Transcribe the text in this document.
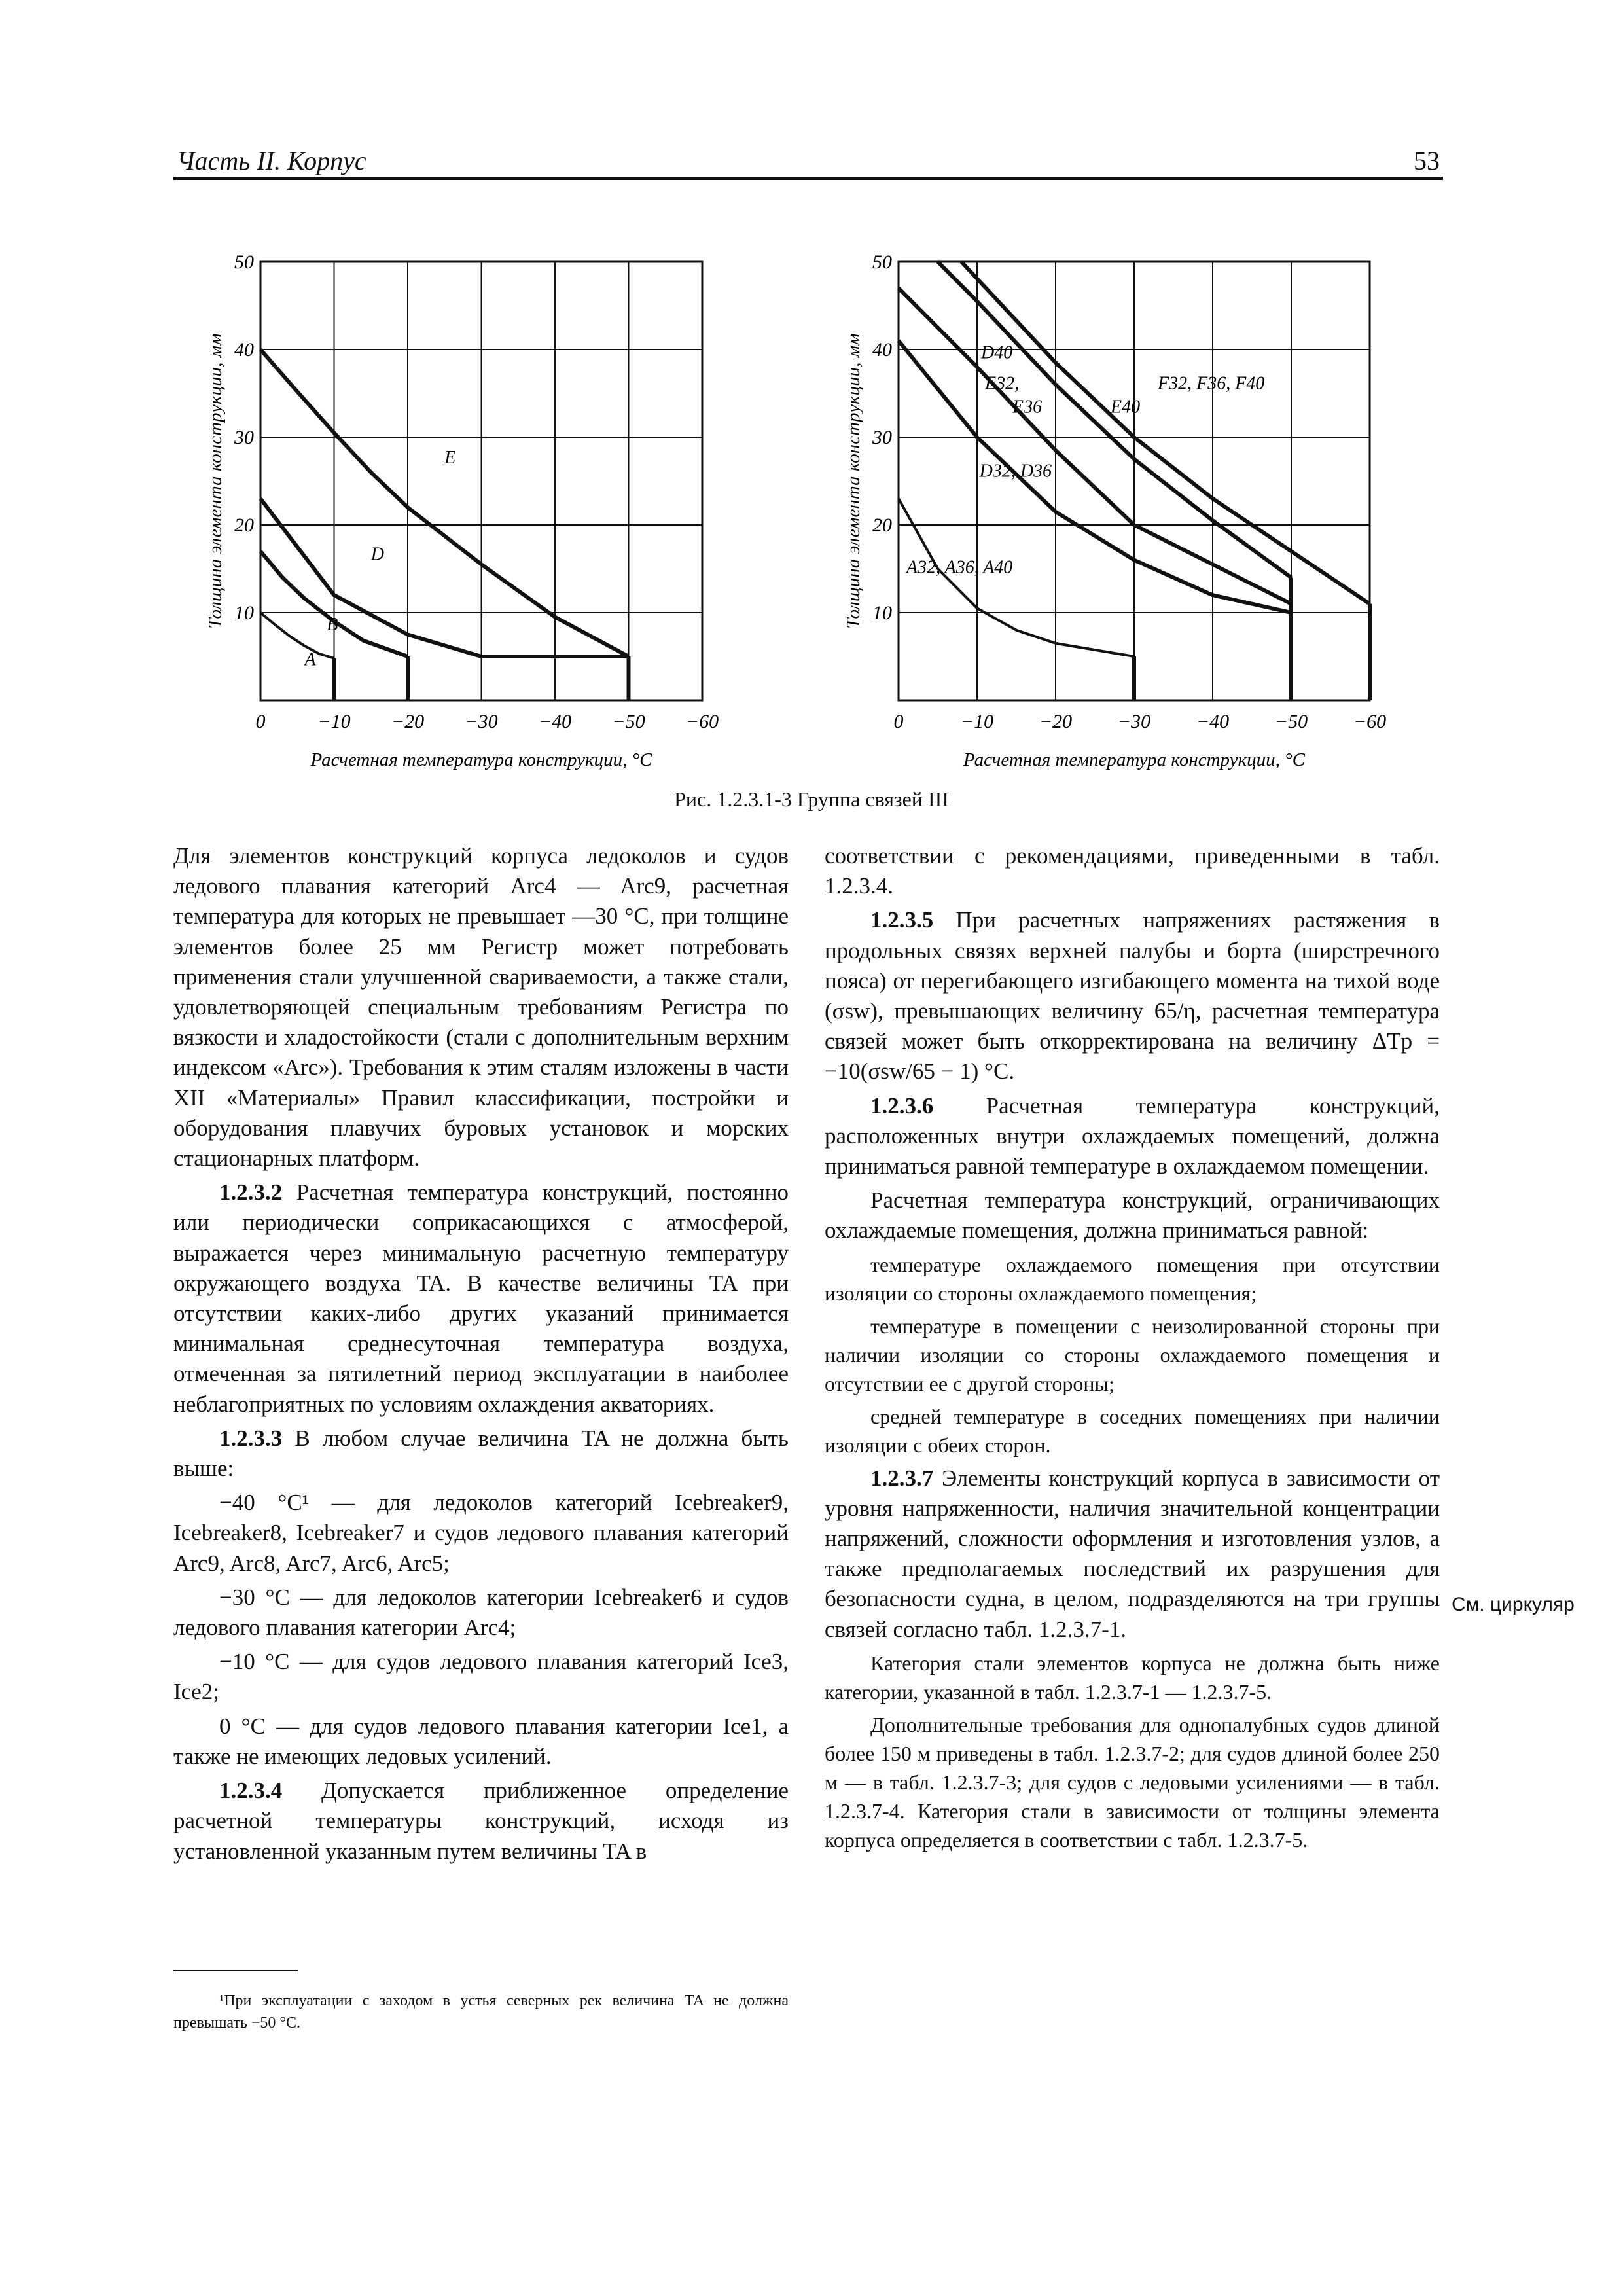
Часть II. Корпус	53
0	−10 −20 −30 −40 −50 −60
10
20
30
40
50
Расчетная температура конструкции, °С
Толщина элемента конструкции, мм
A
B
D
E
0	−10 −20 −30 −40 −50 −60
10
20
30
40
50
Расчетная температура конструкции, °С
Толщина элемента конструкции, мм	D40
E32,
E36	E40
F32, F36, F40
D32, D36
A32, A36, A40
Рис. 1.2.3.1-3 Группа связей III

Для элементов конструкций корпуса ледоколов и судов ледового плавания категорий Arc4 — Arc9, расчетная температура для которых не превышает —30 °С, при толщине элементов более 25 мм Регистр может потребовать применения стали улучшенной свариваемости, а также стали, удовлетворяющей специальным требованиям Регистра по вязкости и хладостойкости (стали с дополнительным верхним индексом «Arc»). Требования к этим сталям изложены в части XII «Материалы» Правил классификации, постройки и оборудования плавучих буровых установок и морских стационарных платформ.

1.2.3.2 Расчетная температура конструкций, постоянно или периодически соприкасающихся с атмосферой, выражается через минимальную расчетную температуру окружающего воздуха TA. В качестве величины TA при отсутствии каких-либо других указаний принимается минимальная среднесуточная температура воздуха, отмеченная за пятилетний период эксплуатации в наиболее неблагоприятных по условиям охлаждения акваториях.

1.2.3.3 В любом случае величина TA не должна быть выше:

−40 °С¹ — для ледоколов категорий Icebreaker9, Icebreaker8, Icebreaker7 и судов ледового плавания категорий Arc9, Arc8, Arc7, Arc6, Arc5;

−30 °С — для ледоколов категории Icebreaker6 и судов ледового плавания категории Arc4;

−10 °С — для судов ледового плавания категорий Ice3, Ice2;

0 °С — для судов ледового плавания категории Ice1, а также не имеющих ледовых усилений.

1.2.3.4 Допускается приближенное определение расчетной температуры конструкций, исходя из установленной указанным путем величины TA в

соответствии с рекомендациями, приведенными в табл. 1.2.3.4.

1.2.3.5 При расчетных напряжениях растяжения в продольных связях верхней палубы и борта (ширстречного пояса) от перегибающего изгибающего момента на тихой воде (σsw), превышающих величину 65/η, расчетная температура связей может быть откорректирована на величину ΔTр = −10(σsw/65 − 1) °С.

1.2.3.6 Расчетная температура конструкций, расположенных внутри охлаждаемых помещений, должна приниматься равной температуре в охлаждаемом помещении.

Расчетная температура конструкций, ограничивающих охлаждаемые помещения, должна приниматься равной:

температуре охлаждаемого помещения при отсутствии изоляции со стороны охлаждаемого помещения;

температуре в помещении с неизолированной стороны при наличии изоляции со стороны охлаждаемого помещения и отсутствии ее с другой стороны;

средней температуре в соседних помещениях при наличии изоляции с обеих сторон.

1.2.3.7 Элементы конструкций корпуса в зависимости от уровня напряженности, наличия значительной концентрации напряжений, сложности оформления и изготовления узлов, а также предполагаемых последствий их разрушения для безопасности судна, в целом, подразделяются на три группы связей согласно табл. 1.2.3.7-1.

Категория стали элементов корпуса не должна быть ниже категории, указанной в табл. 1.2.3.7-1 — 1.2.3.7-5.

Дополнительные требования для однопалубных судов длиной более 150 м приведены в табл. 1.2.3.7-2; для судов длиной более 250 м — в табл. 1.2.3.7-3; для судов с ледовыми усилениями — в табл. 1.2.3.7-4. Категория стали в зависимости от толщины элемента корпуса определяется в соответствии с табл. 1.2.3.7-5.

¹При эксплуатации с заходом в устья северных рек величина TA не должна превышать −50 °С.
См. циркуляр
